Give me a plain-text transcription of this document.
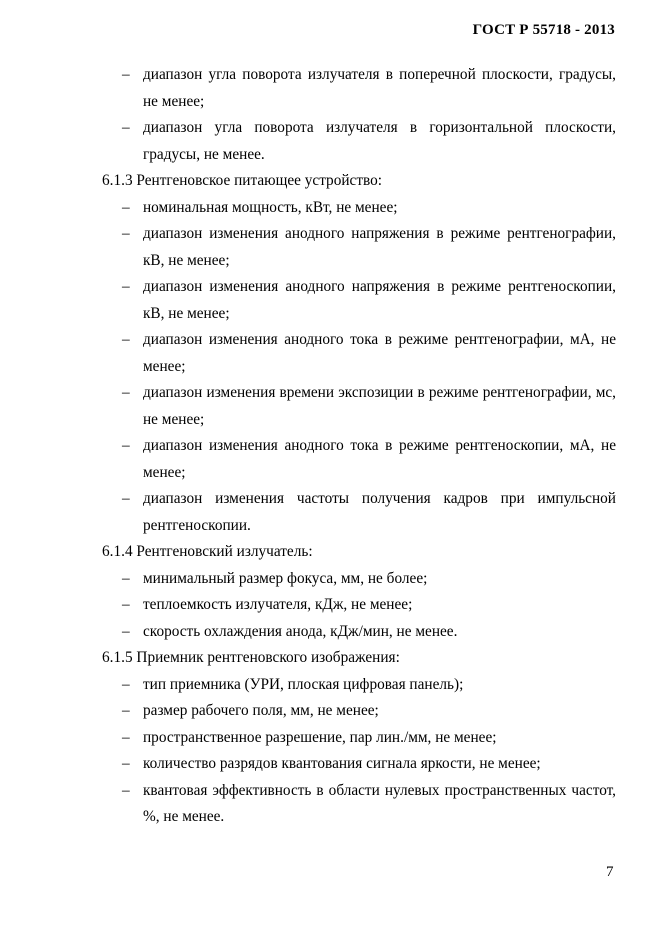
ГОСТ Р 55718 - 2013
– диапазон угла поворота излучателя в поперечной плоскости, градусы, не менее;
– диапазон угла поворота излучателя в горизонтальной плоскости, градусы, не менее.
6.1.3 Рентгеновское питающее устройство:
– номинальная мощность, кВт, не менее;
– диапазон изменения анодного напряжения в режиме рентгенографии, кВ, не менее;
– диапазон изменения анодного напряжения в режиме рентгеноскопии, кВ, не менее;
– диапазон изменения анодного тока в режиме рентгенографии, мА, не менее;
– диапазон изменения времени экспозиции в режиме рентгенографии, мс, не менее;
– диапазон изменения анодного тока в режиме рентгеноскопии, мА, не менее;
– диапазон изменения частоты получения кадров при импульсной рентгеноскопии.
6.1.4 Рентгеновский излучатель:
– минимальный размер фокуса, мм, не более;
– теплоемкость излучателя, кДж, не менее;
– скорость охлаждения анода, кДж/мин, не менее.
6.1.5 Приемник рентгеновского изображения:
– тип приемника (УРИ, плоская цифровая панель);
– размер рабочего поля, мм, не менее;
– пространственное разрешение, пар лин./мм, не менее;
– количество разрядов квантования сигнала яркости, не менее;
– квантовая эффективность в области нулевых пространственных частот, %, не менее.
7
